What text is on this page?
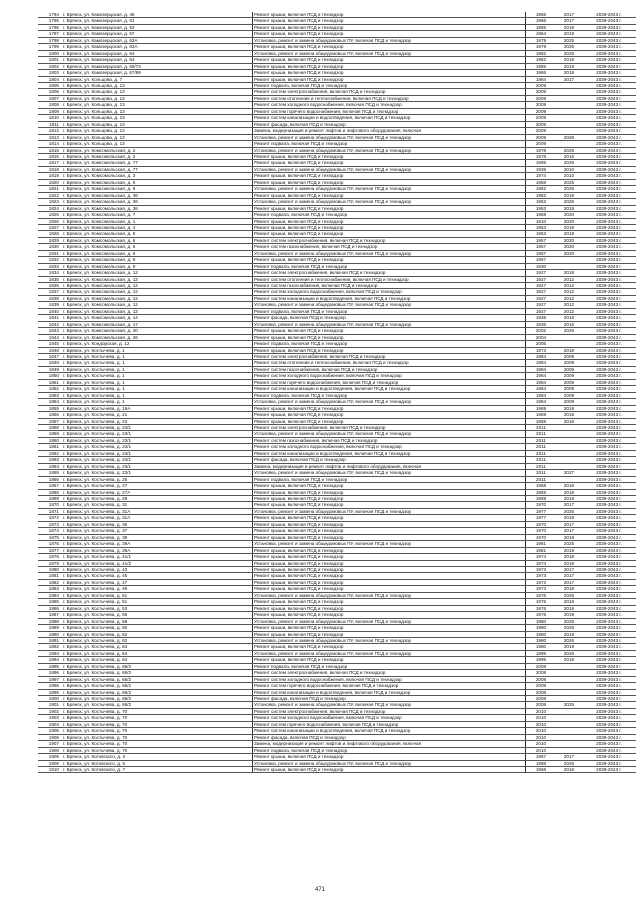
1794	г. Брянск, ул. Камозерцская, д. 46	Ремонт крыши, включая ПСД и технадзор	1966	2017	2039-2043 г.
1795	г. Брянск, ул. Камозерцская, д. 51	Ремонт крыши, включая ПСД и технадзор	1966	2017	2039-2043 г.
1796	г. Брянск, ул. Камозерцская, д. 53	Ремонт крыши, включая ПСД и технадзор	1965	2018	2039-2043 г.
1797	г. Брянск, ул. Камозерцская, д. 57	Ремонт крыши, включая ПСД и технадзор	1964	2019	2039-2043 г.
1798	г. Брянск, ул. Камозерцская, д. 63А	Установка, ремонт и замена общедомовых ПУ, включая ПСД и технадзор	1979	2025	2039-2043 г.
1799	г. Брянск, ул. Камозерцская, д. 63А	Ремонт крыши, включая ПСД и технадзор	1979	2025	2039-2043 г.
1800	г. Брянск, ул. Камозерцская, д. 64	Установка, ремонт и замена общедомовых ПУ, включая ПСД и технадзор	1982	2025	2039-2043 г.
1801	г. Брянск, ул. Камозерцская, д. 64	Ремонт крыши, включая ПСД и технадзор	1982	2018	2039-2043 г.
1802	г. Брянск, ул. Камозерцская, д. 65/73	Ремонт крыши, включая ПСД и технадзор	1985	2019	2039-2043 г.
1803	г. Брянск, ул. Камозерцская, д. 67/69	Ремонт крыши, включая ПСД и технадзор	1986	2018	2039-2043 г.
1804	г. Брянск, ул. Кольцова, д. 7	Ремонт крыши, включая ПСД и технадзор	1984	2017	2039-2043 г.
1805	г. Брянск, ул. Кольцова, д. 13	Ремонт подвала, включая ПСД и технадзор	2009		2039-2043 г.
1806	г. Брянск, ул. Кольцова, д. 13	Ремонт систем электроснабжения, включая ПСД и технадзор	2009		2039-2043 г.
1807	г. Брянск, ул. Кольцова, д. 13	Ремонт систем отопления и теплоснабжения, включая ПСД и технадзор	2009		2039-2043 г.
1808	г. Брянск, ул. Кольцова, д. 13	Ремонт систем холодного водоснабжения, включая ПСД и технадзор	2009		2039-2043 г.
1809	г. Брянск, ул. Кольцова, д. 13	Ремонт систем горячего водоснабжения, включая ПСД и технадзор	2009		2039-2043 г.
1810	г. Брянск, ул. Кольцова, д. 13	Ремонт систем канализации и водоотведения, включая ПСД и технадзор	2009		2039-2043 г.
1811	г. Брянск, ул. Кольцова, д. 13	Ремонт фасада, включая ПСД и технадзор	2009		2039-2043 г.
1812	г. Брянск, ул. Кольцова, д. 13	Замена, модернизация и ремонт лифтов и лифтового оборудования, включая	2009		2039-2043 г.
1813	г. Брянск, ул. Кольцова, д. 13	Установка, ремонт и замена общедомовых ПУ, включая ПСД и технадзор	2009	2028	2039-2043 г.
1814	г. Брянск, ул. Кольцова, д. 13	Ремонт подвала, включая ПСД и технадзор	2009		2039-2043 г.
1815	г. Брянск, ул. Комсомольская, д. 2	Установка, ремонт и замена общедомовых ПУ, включая ПСД и технадзор	1978	2025	2039-2043 г.
1816	г. Брянск, ул. Комсомольская, д. 2	Ремонт крыши, включая ПСД и технадзор	1978	2016	2039-2043 г.
1817	г. Брянск, ул. Комсомольская, д. 77	Ремонт крыши, включая ПСД и технадзор	1995	2025	2039-2043 г.
1818	г. Брянск, ул. Комсомольская, д. 77	Установка, ремонт и замена общедомовых ПУ, включая ПСД и технадзор	1938	2010	2039-2043 г.
1819	г. Брянск, ул. Комсомольская, д. 3	Ремонт крыши, включая ПСД и технадзор	1974	2010	2039-2043 г.
1820	г. Брянск, ул. Комсомольская, д. 6	Ремонт крыши, включая ПСД и технадзор	1958	2025	2039-2043 г.
1821	г. Брянск, ул. Комсомольская, д. 6	Установка, ремонт и замена общедомовых ПУ, включая ПСД и технадзор	1982	2025	2039-2043 г.
1822	г. Брянск, ул. Комсомольская, д. 36	Ремонт крыши, включая ПСД и технадзор	1982	2018	2039-2043 г.
1823	г. Брянск, ул. Комсомольская, д. 36	Установка, ремонт и замена общедомовых ПУ, включая ПСД и технадзор	1953	2025	2039-2043 г.
1824	г. Брянск, ул. Комсомольская, д. 36	Ремонт крыши, включая ПСД и технадзор	1953	2018	2039-2043 г.
1825	г. Брянск, ул. Комсомольская, д. 7	Ремонт подвала, включая ПСД и технадзор	1968	2020	2039-2043 г.
1826	г. Брянск, ул. Комсомольская, д. 1	Ремонт крыши, включая ПСД и технадзор	1910	2020	2039-2043 г.
1827	г. Брянск, ул. Комсомольская, д. 4	Ремонт крыши, включая ПСД и технадзор	1953	2018	2039-2043 г.
1828	г. Брянск, ул. Комсомольская, д. 5	Ремонт крыши, включая ПСД и технадзор	1953	2018	2039-2043 г.
1829	г. Брянск, ул. Комсомольская, д. 6	Ремонт систем электроснабжения, включая ПСД и технадзор	1957	2020	2039-2043 г.
1830	г. Брянск, ул. Комсомольская, д. 6	Ремонт систем газоснабжения, включая ПСД и технадзор	1957	2020	2039-2043 г.
1831	г. Брянск, ул. Комсомольская, д. 6	Установка, ремонт и замена общедомовых ПУ, включая ПСД и технадзор	1957	2020	2039-2043 г.
1832	г. Брянск, ул. Комсомольская, д. 6	Ремонт крыши, включая ПСД и технадзор	1957		2039-2043 г.
1833	г. Брянск, ул. Комсомольская, д. 9	Ремонт подвала, включая ПСД и технадзор	1930		2039-2043 г.
1834	г. Брянск, ул. Комсомольская, д. 12	Ремонт систем электроснабжения, включая ПСД и технадзор	1927	2018	2039-2043 г.
1835	г. Брянск, ул. Комсомольская, д. 12	Ремонт систем отопления и теплоснабжения, включая ПСД и технадзор	1927	2012	2039-2043 г.
1836	г. Брянск, ул. Комсомольская, д. 12	Ремонт систем газоснабжения, включая ПСД и технадзор	1927	2012	2039-2043 г.
1837	г. Брянск, ул. Комсомольская, д. 12	Ремонт систем холодного водоснабжения, включая ПСД и технадзор	1927	2012	2039-2043 г.
1838	г. Брянск, ул. Комсомольская, д. 12	Ремонт систем канализации и водоотведения, включая ПСД и технадзор	1927	2012	2039-2043 г.
1839	г. Брянск, ул. Комсомольская, д. 12	Установка, ремонт и замена общедомовых ПУ, включая ПСД и технадзор	1927	2012	2039-2043 г.
1840	г. Брянск, ул. Комсомольская, д. 12	Ремонт подвала, включая ПСД и технадзор	1927	2012	2039-2043 г.
1841	г. Брянск, ул. Комсомольская, д. 14	Ремонт фасада, включая ПСД и технадзор	1936	2016	2039-2043 г.
1842	г. Брянск, ул. Комсомольская, д. 17	Установка, ремонт и замена общедомовых ПУ, включая ПСД и технадзор	1936	2016	2039-2043 г.
1843	г. Брянск, ул. Комсомольская, д. 20	Ремонт крыши, включая ПСД и технадзор	2002	2026	2039-2043 г.
1844	г. Брянск, ул. Комсомольская, д. 26	Ремонт крыши, включая ПСД и технадзор	2004		2039-2043 г.
1845	г. Брянск, ул. Кондорская, д. 12	Ремонт подвала, включая ПСД и технадзор	2005		2039-2043 г.
1846	г. Брянск, ул. Костычева, д. 1	Ремонт крыши, включая ПСД и технадзор	1973	2018	2039-2043 г.
1847	г. Брянск, ул. Костычева, д. 1	Ремонт систем электроснабжения, включая ПСД и технадзор	1984	2009	2039-2043 г.
1848	г. Брянск, ул. Костычева, д. 1	Ремонт систем отопления и теплоснабжения, включая ПСД и технадзор	1984	2009	2039-2043 г.
1849	г. Брянск, ул. Костычева, д. 1	Ремонт систем газоснабжения, включая ПСД и технадзор	1984	2009	2039-2043 г.
1850	г. Брянск, ул. Костычева, д. 1	Ремонт систем холодного водоснабжения, включая ПСД и технадзор	1984	2009	2039-2043 г.
1851	г. Брянск, ул. Костычева, д. 1	Ремонт систем горячего водоснабжения, включая ПСД и технадзор	1984	2009	2039-2043 г.
1852	г. Брянск, ул. Костычева, д. 1	Ремонт систем канализации и водоотведения, включая ПСД и технадзор	1984	2009	2039-2043 г.
1853	г. Брянск, ул. Костычева, д. 1	Ремонт подвала, включая ПСД и технадзор	1984	2009	2039-2043 г.
1854	г. Брянск, ул. Костычева, д. 1	Установка, ремонт и замена общедомовых ПУ, включая ПСД и технадзор	1984	2009	2039-2043 г.
1855	г. Брянск, ул. Костычева, д. 19А	Ремонт крыши, включая ПСД и технадзор	1969	2018	2039-2043 г.
1856	г. Брянск, ул. Костычева, д. 21	Ремонт крыши, включая ПСД и технадзор	1969	2018	2039-2043 г.
1857	г. Брянск, ул. Костычева, д. 23	Ремонт крыши, включая ПСД и технадзор	1969	2018	2039-2043 г.
1858	г. Брянск, ул. Костычева, д. 23/1	Ремонт систем электроснабжения, включая ПСД и технадзор	2011		2039-2043 г.
1859	г. Брянск, ул. Костычева, д. 23/1	Установка, ремонт и замена общедомовых ПУ, включая ПСД и технадзор	2011		2039-2043 г.
1860	г. Брянск, ул. Костычева, д. 23/1	Ремонт систем газоснабжения, включая ПСД и технадзор	2011		2039-2043 г.
1861	г. Брянск, ул. Костычева, д. 23/1	Ремонт систем холодного водоснабжения, включая ПСД и технадзор	2011		2039-2043 г.
1862	г. Брянск, ул. Костычева, д. 23/1	Ремонт систем канализации и водоотведения, включая ПСД и технадзор	2011		2039-2043 г.
1863	г. Брянск, ул. Костычева, д. 23/1	Ремонт фасада, включая ПСД и технадзор	2011		2039-2043 г.
1864	г. Брянск, ул. Костычева, д. 23/1	Замена, модернизация и ремонт лифтов и лифтового оборудования, включая	2011		2039-2043 г.
1865	г. Брянск, ул. Костычева, д. 23/1	Установка, ремонт и замена общедомовых ПУ, включая ПСД и технадзор	2011	2027	2039-2043 г.
1866	г. Брянск, ул. Костычева, д. 25	Ремонт подвала, включая ПСД и технадзор	2011		2039-2043 г.
1867	г. Брянск, ул. Костычева, д. 27	Ремонт крыши, включая ПСД и технадзор	1968	2018	2039-2043 г.
1868	г. Брянск, ул. Костычева, д. 27А	Ремонт крыши, включая ПСД и технадзор	1969	2018	2039-2043 г.
1869	г. Брянск, ул. Костычева, д. 29	Ремонт крыши, включая ПСД и технадзор	1969	2018	2039-2043 г.
1870	г. Брянск, ул. Костычева, д. 31	Ремонт крыши, включая ПСД и технадзор	1970	2017	2039-2043 г.
1871	г. Брянск, ул. Костычева, д. 31А	Установка, ремонт и замена общедомовых ПУ, включая ПСД и технадзор	1977	2025	2039-2043 г.
1872	г. Брянск, ул. Костычева, д. 31А	Ремонт крыши, включая ПСД и технадзор	1977	2018	2039-2043 г.
1873	г. Брянск, ул. Костычева, д. 35	Ремонт крыши, включая ПСД и технадзор	1970	2017	2039-2043 г.
1874	г. Брянск, ул. Костычева, д. 37	Ремонт крыши, включая ПСД и технадзор	1970	2017	2039-2043 г.
1875	г. Брянск, ул. Костычева, д. 39	Ремонт крыши, включая ПСД и технадзор	1970	2018	2039-2043 г.
1876	г. Брянск, ул. Костычева, д. 39А	Установка, ремонт и замена общедомовых ПУ, включая ПСД и технадзор	1981	2025	2039-2043 г.
1877	г. Брянск, ул. Костычева, д. 39А	Ремонт крыши, включая ПСД и технадзор	1981	2019	2039-2043 г.
1878	г. Брянск, ул. Костычева, д. 41/1	Ремонт крыши, включая ПСД и технадзор	1974	2018	2039-2043 г.
1879	г. Брянск, ул. Костычева, д. 41/2	Ремонт крыши, включая ПСД и технадзор	1974	2018	2039-2043 г.
1880	г. Брянск, ул. Костычева, д. 43	Ремонт крыши, включая ПСД и технадзор	1973	2017	2039-2043 г.
1881	г. Брянск, ул. Костычева, д. 45	Ремонт крыши, включая ПСД и технадзор	1973	2017	2039-2043 г.
1882	г. Брянск, ул. Костычева, д. 47	Ремонт крыши, включая ПСД и технадзор	1973	2017	2039-2043 г.
1883	г. Брянск, ул. Костычева, д. 49	Ремонт крыши, включая ПСД и технадзор	1973	2018	2039-2043 г.
1884	г. Брянск, ул. Костычева, д. 51	Установка, ремонт и замена общедомовых ПУ, включая ПСД и технадзор	1976	2025	2039-2043 г.
1885	г. Брянск, ул. Костычева, д. 51	Ремонт крыши, включая ПСД и технадзор	1976	2018	2039-2043 г.
1886	г. Брянск, ул. Костычева, д. 53	Ремонт крыши, включая ПСД и технадзор	1976	2018	2039-2043 г.
1887	г. Брянск, ул. Костычева, д. 55	Ремонт крыши, включая ПСД и технадзор	1976	2019	2039-2043 г.
1888	г. Брянск, ул. Костычева, д. 58	Установка, ремонт и замена общедомовых ПУ, включая ПСД и технадзор	1980	2025	2039-2043 г.
1889	г. Брянск, ул. Костычева, д. 60	Ремонт крыши, включая ПСД и технадзор	1980	2026	2039-2043 г.
1890	г. Брянск, ул. Костычева, д. 62	Ремонт крыши, включая ПСД и технадзор	1980	2019	2039-2043 г.
1891	г. Брянск, ул. Костычева, д. 62	Установка, ремонт и замена общедомовых ПУ, включая ПСД и технадзор	1980	2026	2039-2043 г.
1892	г. Брянск, ул. Костычева, д. 64	Ремонт крыши, включая ПСД и технадзор	1980	2019	2039-2043 г.
1893	г. Брянск, ул. Костычева, д. 64	Установка, ремонт и замена общедомовых ПУ, включая ПСД и технадзор	1995	2026	2039-2043 г.
1894	г. Брянск, ул. Костычева, д. 64	Ремонт крыши, включая ПСД и технадзор	1995	2018	2039-2043 г.
1895	г. Брянск, ул. Костычева, д. 66/2	Ремонт подвала, включая ПСД и технадзор	2008		2039-2043 г.
1896	г. Брянск, ул. Костычева, д. 66/2	Ремонт систем электроснабжения, включая ПСД и технадзор	2008		2039-2043 г.
1897	г. Брянск, ул. Костычева, д. 66/2	Ремонт систем холодного водоснабжения, включая ПСД и технадзор	2008		2039-2043 г.
1898	г. Брянск, ул. Костычева, д. 66/2	Ремонт систем горячего водоснабжения, включая ПСД и технадзор	2008		2039-2043 г.
1899	г. Брянск, ул. Костычева, д. 66/2	Ремонт систем канализации и водоотведения, включая ПСД и технадзор	2008		2039-2043 г.
1900	г. Брянск, ул. Костычева, д. 66/2	Ремонт фасада, включая ПСД и технадзор	2008		2039-2043 г.
1901	г. Брянск, ул. Костычева, д. 66/2	Установка, ремонт и замена общедомовых ПУ, включая ПСД и технадзор	2008	2025	2039-2043 г.
1902	г. Брянск, ул. Костычева, д. 70	Ремонт систем электроснабжения, включая ПСД и технадзор	2010		2039-2043 г.
1903	г. Брянск, ул. Костычева, д. 70	Ремонт систем холодного водоснабжения, включая ПСД и технадзор	2010		2039-2043 г.
1904	г. Брянск, ул. Костычева, д. 70	Ремонт систем горячего водоснабжения, включая ПСД и технадзор	2010		2039-2043 г.
1905	г. Брянск, ул. Костычева, д. 70	Ремонт систем канализации и водоотведения, включая ПСД и технадзор	2010		2039-2043 г.
1906	г. Брянск, ул. Костычева, д. 70	Ремонт фасада, включая ПСД и технадзор	2010		2039-2043 г.
1907	г. Брянск, ул. Костычева, д. 70	Замена, модернизация и ремонт лифтов и лифтового оборудования, включая	2010		2039-2043 г.
1908	г. Брянск, ул. Костычева, д. 70	Ремонт подвала, включая ПСД и технадзор	2010		2039-2043 г.
1909	г. Брянск, ул. Котовского, д. 3	Ремонт крыши, включая ПСД и технадзор	1967	2017	2039-2043 г.
1909	г. Брянск, ул. Котовского, д. 5	Установка, ремонт и замена общедомовых ПУ, включая ПСД и технадзор	1988	2025	2039-2043 г.
1910	г. Брянск, ул. Котовского, д. 7	Ремонт крыши, включая ПСД и технадзор	1968	2018	2039-2043 г.
471
